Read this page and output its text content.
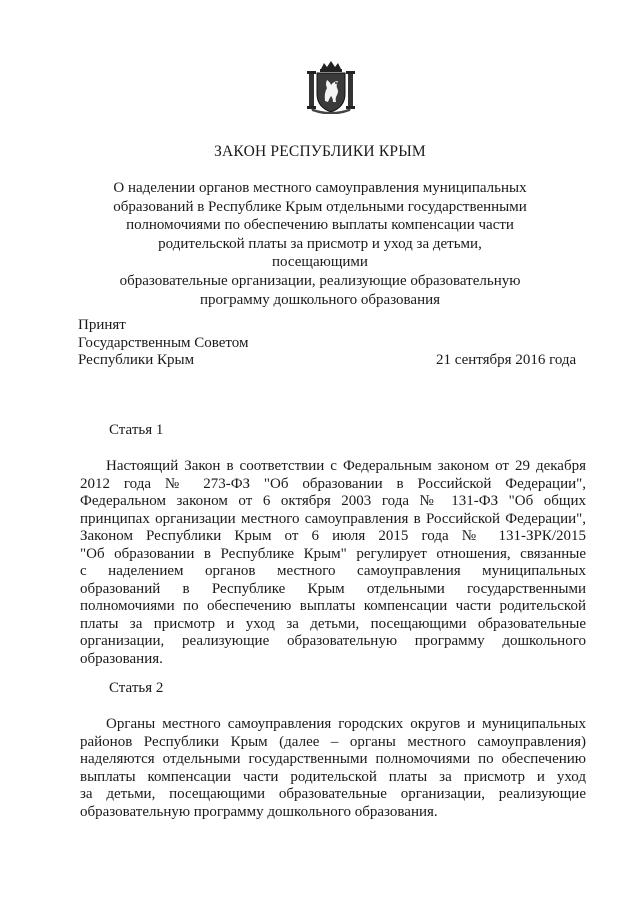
ЗАКОН РЕСПУБЛИКИ КРЫМ
О наделении органов местного самоуправления муниципальных
образований в Республике Крым отдельными государственными
полномочиями по обеспечению выплаты компенсации части
родительской платы за присмотр и уход за детьми, посещающими
образовательные организации, реализующие образовательную
программу дошкольного образования
Принят
Государственным Советом
Республики Крым	21 сентября 2016 года
Статья 1
Настоящий Закон в соответствии с Федеральным законом от 29 декабря
2012 года № 273-ФЗ "Об образовании в Российской Федерации",
Федеральном законом от 6 октября 2003 года № 131-ФЗ "Об общих
принципах организации местного самоуправления в Российской Федерации",
Законом Республики Крым от 6 июля 2015 года № 131-ЗРК/2015
"Об образовании в Республике Крым" регулирует отношения, связанные
с наделением органов местного самоуправления муниципальных
образований в Республике Крым отдельными государственными
полномочиями по обеспечению выплаты компенсации части родительской
платы за присмотр и уход за детьми, посещающими образовательные
организации, реализующие образовательную программу дошкольного
образования.
Статья 2
Органы местного самоуправления городских округов и муниципальных
районов Республики Крым (далее – органы местного самоуправления)
наделяются отдельными государственными полномочиями по обеспечению
выплаты компенсации части родительской платы за присмотр и уход
за детьми, посещающими образовательные организации, реализующие
образовательную программу дошкольного образования.
